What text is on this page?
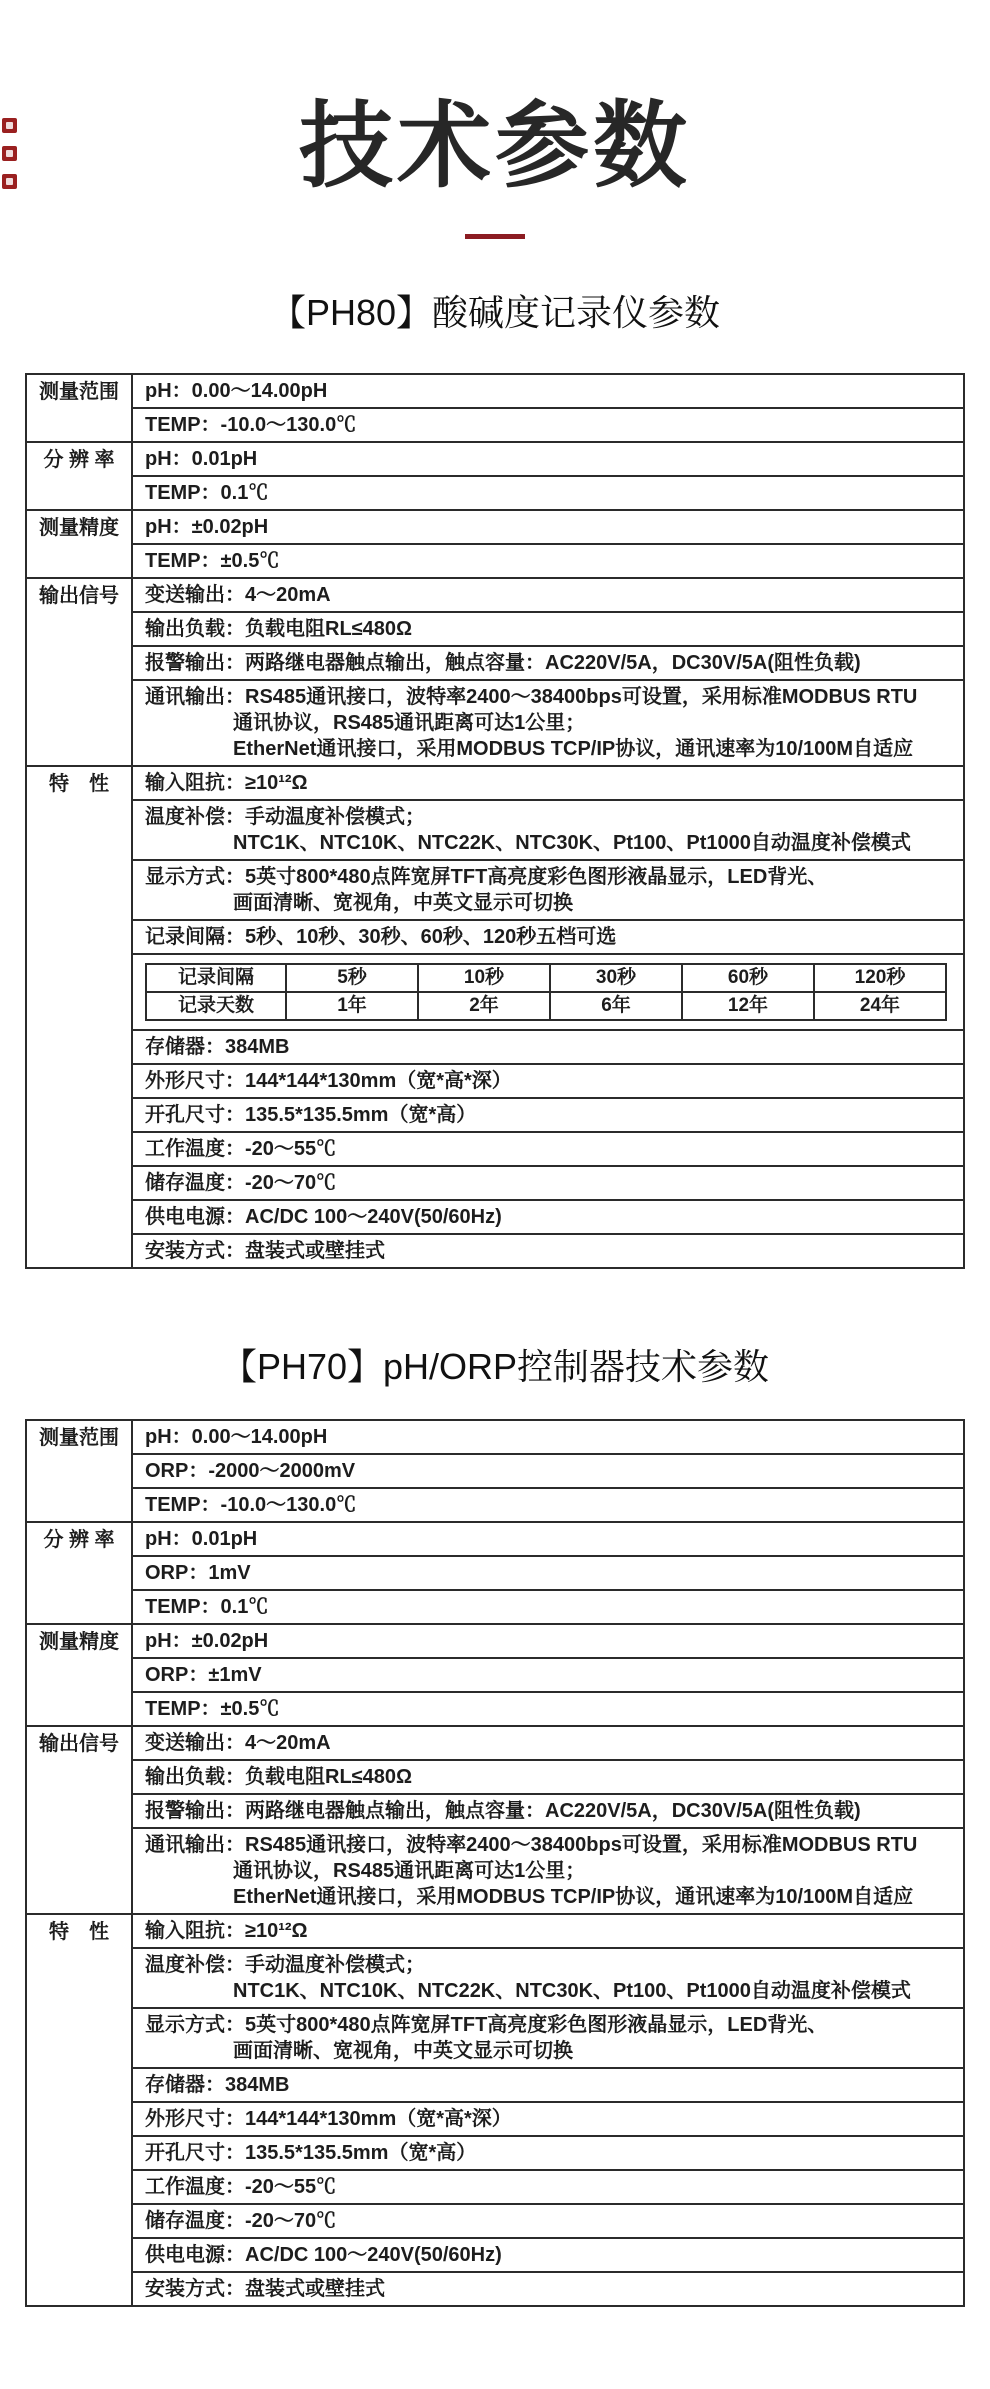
技术参数
【PH80】酸碱度记录仪参数
测量范围	pH：0.00～14.00pH

TEMP：-10.0～130.0℃

分 辨 率	pH：0.01pH

TEMP：0.1℃

测量精度	pH：±0.02pH

TEMP：±0.5℃

输出信号	变送输出：4～20mA

输出负载：负载电阻RL≤480Ω

报警输出：两路继电器触点输出，触点容量：AC220V/5A，DC30V/5A(阻性负载)

通讯输出：RS485通讯接口，波特率2400～38400bps可设置，采用标准MODBUS RTU
通讯协议，RS485通讯距离可达1公里；
EtherNet通讯接口，采用MODBUS TCP/IP协议，通讯速率为10/100M自适应

特　性	输入阻抗：≥10¹²Ω

温度补偿：手动温度补偿模式；
NTC1K、NTC10K、NTC22K、NTC30K、Pt100、Pt1000自动温度补偿模式

显示方式：5英寸800*480点阵宽屏TFT高亮度彩色图形液晶显示，LED背光、
画面清晰、宽视角，中英文显示可切换

记录间隔：5秒、10秒、30秒、60秒、120秒五档可选

记录间隔	5秒	10秒	30秒	60秒	120秒
记录天数	1年	2年	6年	12年	24年

存储器：384MB

外形尺寸：144*144*130mm（宽*高*深）

开孔尺寸：135.5*135.5mm（宽*高）

工作温度：-20～55℃

储存温度：-20～70℃

供电电源：AC/DC 100～240V(50/60Hz)

安装方式：盘装式或壁挂式
【PH70】pH/ORP控制器技术参数
测量范围	pH：0.00～14.00pH

	ORP：-2000～2000mV

	TEMP：-10.0～130.0℃

分 辨 率	pH：0.01pH

	ORP：1mV

	TEMP：0.1℃

测量精度	pH：±0.02pH

	ORP：±1mV

	TEMP：±0.5℃

输出信号	变送输出：4～20mA

	输出负载：负载电阻RL≤480Ω

	报警输出：两路继电器触点输出，触点容量：AC220V/5A，DC30V/5A(阻性负载)

	通讯输出：RS485通讯接口，波特率2400～38400bps可设置，采用标准MODBUS RTU
通讯协议，RS485通讯距离可达1公里；
EtherNet通讯接口，采用MODBUS TCP/IP协议，通讯速率为10/100M自适应

特　性	输入阻抗：≥10¹²Ω

	温度补偿：手动温度补偿模式；
NTC1K、NTC10K、NTC22K、NTC30K、Pt100、Pt1000自动温度补偿模式

	显示方式：5英寸800*480点阵宽屏TFT高亮度彩色图形液晶显示，LED背光、
画面清晰、宽视角，中英文显示可切换

	存储器：384MB

	外形尺寸：144*144*130mm（宽*高*深）

	开孔尺寸：135.5*135.5mm（宽*高）

	工作温度：-20～55℃

	储存温度：-20～70℃

	供电电源：AC/DC 100～240V(50/60Hz)

	安装方式：盘装式或壁挂式
